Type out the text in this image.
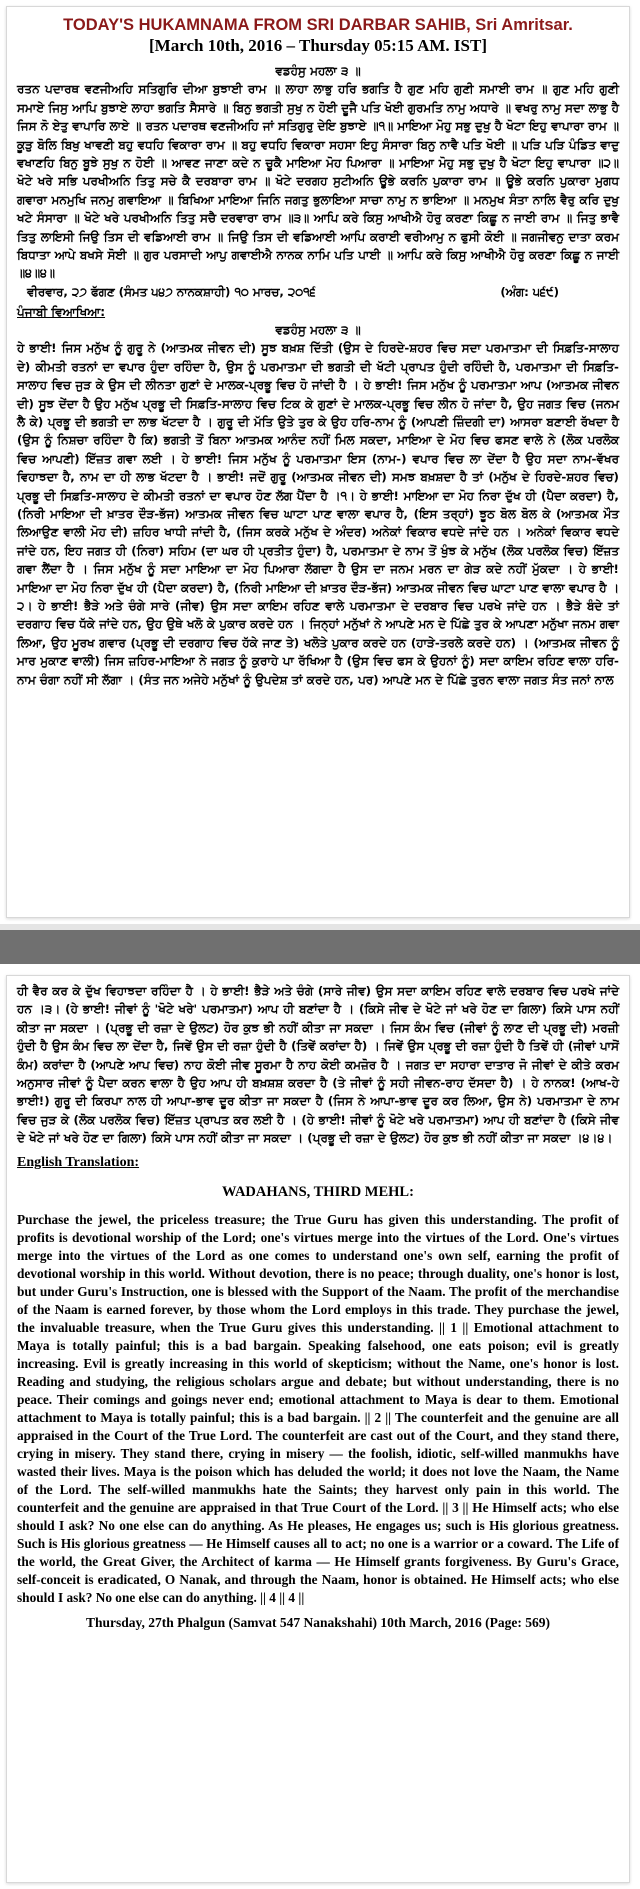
TODAY'S HUKAMNAMA FROM SRI DARBAR SAHIB, Sri Amritsar.
[March 10th, 2016 – Thursday 05:15 AM. IST]
ਵਡਹੰਸੁ ਮਹਲਾ ੩ ॥

ਰਤਨ ਪਦਾਰਥ ਵਣਜੀਅਹਿ ਸਤਿਗੁਰਿ ਦੀਆ ਬੁਝਾਈ ਰਾਮ ॥ ਲਾਹਾ ਲਾਭੁ ਹਰਿ ਭਗਤਿ ਹੈ ਗੁਣ ਮਹਿ ਗੁਣੀ ਸਮਾਈ ਰਾਮ ॥ ਗੁਣ ਮਹਿ ਗੁਣੀ ਸਮਾਏ ਜਿਸੁ ਆਪਿ ਬੁਝਾਏ ਲਾਹਾ ਭਗਤਿ ਸੈਸਾਰੇ ॥ ਬਿਨੁ ਭਗਤੀ ਸੁਖੁ ਨ ਹੋਈ ਦੂਜੈ ਪਤਿ ਖੋਈ ਗੁਰਮਤਿ ਨਾਮੁ ਅਧਾਰੇ ॥ ਵਖਰੁ ਨਾਮੁ ਸਦਾ ਲਾਭੁ ਹੈ ਜਿਸ ਨੋ ਏਤੁ ਵਾਪਾਰਿ ਲਾਏ ॥ ਰਤਨ ਪਦਾਰਥ ਵਣਜੀਅਹਿ ਜਾਂ ਸਤਿਗੁਰੁ ਦੇਇ ਬੁਝਾਏ ॥੧॥ ਮਾਇਆ ਮੋਹੁ ਸਭੁ ਦੁਖੁ ਹੈ ਖੋਟਾ ਇਹੁ ਵਾਪਾਰਾ ਰਾਮ ॥ ਕੂੜੁ ਬੋਲਿ ਬਿਖੁ ਖਾਵਣੀ ਬਹੁ ਵਧਹਿ ਵਿਕਾਰਾ ਰਾਮ ॥ ਬਹੁ ਵਧਹਿ ਵਿਕਾਰਾ ਸਹਸਾ ਇਹੁ ਸੰਸਾਰਾ ਬਿਨੁ ਨਾਵੈ ਪਤਿ ਖੋਈ ॥ ਪੜਿ ਪੜਿ ਪੰਡਿਤ ਵਾਦੁ ਵਖਾਣਹਿ ਬਿਨੁ ਬੂਝੇ ਸੁਖੁ ਨ ਹੋਈ ॥ ਆਵਣ ਜਾਣਾ ਕਦੇ ਨ ਚੂਕੈ ਮਾਇਆ ਮੋਹ ਪਿਆਰਾ ॥ ਮਾਇਆ ਮੋਹੁ ਸਭੁ ਦੁਖੁ ਹੈ ਖੋਟਾ ਇਹੁ ਵਾਪਾਰਾ ॥੨॥ ਖੋਟੇ ਖਰੇ ਸਭਿ ਪਰਖੀਅਨਿ ਤਿਤੁ ਸਚੇ ਕੈ ਦਰਬਾਰਾ ਰਾਮ ॥ ਖੋਟੇ ਦਰਗਹ ਸੁਟੀਅਨਿ ਊਭੇ ਕਰਨਿ ਪੁਕਾਰਾ ਰਾਮ ॥ ਊਭੇ ਕਰਨਿ ਪੁਕਾਰਾ ਮੁਗਧ ਗਵਾਰਾ ਮਨਮੁਖਿ ਜਨਮੁ ਗਵਾਇਆ ॥ ਬਿਖਿਆ ਮਾਇਆ ਜਿਨਿ ਜਗਤੁ ਭੁਲਾਇਆ ਸਾਚਾ ਨਾਮੁ ਨ ਭਾਇਆ ॥ ਮਨਮੁਖ ਸੰਤਾ ਨਾਲਿ ਵੈਰੁ ਕਰਿ ਦੁਖੁ ਖਟੇ ਸੰਸਾਰਾ ॥ ਖੋਟੇ ਖਰੇ ਪਰਖੀਅਨਿ ਤਿਤੁ ਸਚੈ ਦਰਵਾਰਾ ਰਾਮ ॥੩॥ ਆਪਿ ਕਰੇ ਕਿਸੁ ਆਖੀਐ ਹੋਰੁ ਕਰਣਾ ਕਿਛੂ ਨ ਜਾਈ ਰਾਮ ॥ ਜਿਤੁ ਭਾਵੈ ਤਿਤੁ ਲਾਇਸੀ ਜਿਉ ਤਿਸ ਦੀ ਵਡਿਆਈ ਰਾਮ ॥ ਜਿਉ ਤਿਸ ਦੀ ਵਡਿਆਈ ਆਪਿ ਕਰਾਈ ਵਰੀਆਮੁ ਨ ਫੁਸੀ ਕੋਈ ॥ ਜਗਜੀਵਨੁ ਦਾਤਾ ਕਰਮ ਬਿਧਾਤਾ ਆਪੇ ਬਖਸੇ ਸੋਈ ॥ ਗੁਰ ਪਰਸਾਦੀ ਆਪੁ ਗਵਾਈਐ ਨਾਨਕ ਨਾਮਿ ਪਤਿ ਪਾਈ ॥ ਆਪਿ ਕਰੇ ਕਿਸੁ ਆਖੀਐ ਹੋਰੁ ਕਰਣਾ ਕਿਛੂ ਨ ਜਾਈ ॥੪॥੪॥

ਵੀਰਵਾਰ, ੨੭ ਫੱਗਣ (ਸੰਮਤ ੫੪੭ ਨਾਨਕਸ਼ਾਹੀ) ੧੦ ਮਾਰਚ, ੨੦੧੬	(ਅੰਗ: ੫੬੯)
ਪੰਜਾਬੀ ਵਿਆਖਿਆ:
ਵਡਹੰਸੁ ਮਹਲਾ ੩ ॥

ਹੇ ਭਾਈ! ਜਿਸ ਮਨੁੱਖ ਨੂੰ ਗੁਰੂ ਨੇ (ਆਤਮਕ ਜੀਵਨ ਦੀ) ਸੂਝ ਬਖ਼ਸ਼ ਦਿੱਤੀ (ਉਸ ਦੇ ਹਿਰਦੇ-ਸ਼ਹਰ ਵਿਚ ਸਦਾ ਪਰਮਾਤਮਾ ਦੀ ਸਿਫ਼ਤਿ-ਸਾਲਾਹ ਦੇ) ਕੀਮਤੀ ਰਤਨਾਂ ਦਾ ਵਪਾਰ ਹੁੰਦਾ ਰਹਿੰਦਾ ਹੈ, ਉਸ ਨੂੰ ਪਰਮਾਤਮਾ ਦੀ ਭਗਤੀ ਦੀ ਖੱਟੀ ਪ੍ਰਾਪਤ ਹੁੰਦੀ ਰਹਿੰਦੀ ਹੈ, ਪਰਮਾਤਮਾ ਦੀ ਸਿਫ਼ਤਿ-ਸਾਲਾਹ ਵਿਚ ਜੁੜ ਕੇ ਉਸ ਦੀ ਲੀਨਤਾ ਗੁਣਾਂ ਦੇ ਮਾਲਕ-ਪ੍ਰਭੂ ਵਿਚ ਹੋ ਜਾਂਦੀ ਹੈ । ਹੇ ਭਾਈ! ਜਿਸ ਮਨੁੱਖ ਨੂੰ ਪਰਮਾਤਮਾ ਆਪ (ਆਤਮਕ ਜੀਵਨ ਦੀ) ਸੂਝ ਦੇਂਦਾ ਹੈ ਉਹ ਮਨੁੱਖ ਪ੍ਰਭੂ ਦੀ ਸਿਫ਼ਤਿ-ਸਾਲਾਹ ਵਿਚ ਟਿਕ ਕੇ ਗੁਣਾਂ ਦੇ ਮਾਲਕ-ਪ੍ਰਭੂ ਵਿਚ ਲੀਨ ਹੋ ਜਾਂਦਾ ਹੈ, ਉਹ ਜਗਤ ਵਿਚ (ਜਨਮ ਲੈ ਕੇ) ਪ੍ਰਭੂ ਦੀ ਭਗਤੀ ਦਾ ਲਾਭ ਖੱਟਦਾ ਹੈ । ਗੁਰੂ ਦੀ ਮੱਤਿ ਉਤੇ ਤੁਰ ਕੇ ਉਹ ਹਰਿ-ਨਾਮ ਨੂੰ (ਆਪਣੀ ਜ਼ਿੰਦਗੀ ਦਾ) ਆਸਰਾ ਬਣਾਈ ਰੱਖਦਾ ਹੈ (ਉਸ ਨੂੰ ਨਿਸ਼ਚਾ ਰਹਿੰਦਾ ਹੈ ਕਿ) ਭਗਤੀ ਤੋਂ ਬਿਨਾ ਆਤਮਕ ਆਨੰਦ ਨਹੀਂ ਮਿਲ ਸਕਦਾ, ਮਾਇਆ ਦੇ ਮੋਹ ਵਿਚ ਫਸਣ ਵਾਲੇ ਨੇ (ਲੋਕ ਪਰਲੋਕ ਵਿਚ ਆਪਣੀ) ਇੱਜ਼ਤ ਗਵਾ ਲਈ । ਹੇ ਭਾਈ! ਜਿਸ ਮਨੁੱਖ ਨੂੰ ਪਰਮਾਤਮਾ ਇਸ (ਨਾਮ-) ਵਪਾਰ ਵਿਚ ਲਾ ਦੇਂਦਾ ਹੈ ਉਹ ਸਦਾ ਨਾਮ-ਵੱਖਰ ਵਿਹਾਝਦਾ ਹੈ, ਨਾਮ ਦਾ ਹੀ ਲਾਭ ਖੱਟਦਾ ਹੈ । ਭਾਈ! ਜਦੋਂ ਗੁਰੂ (ਆਤਮਕ ਜੀਵਨ ਦੀ) ਸਮਝ ਬਖ਼ਸ਼ਦਾ ਹੈ ਤਾਂ (ਮਨੁੱਖ ਦੇ ਹਿਰਦੇ-ਸ਼ਹਰ ਵਿਚ) ਪ੍ਰਭੂ ਦੀ ਸਿਫ਼ਤਿ-ਸਾਲਾਹ ਦੇ ਕੀਮਤੀ ਰਤਨਾਂ ਦਾ ਵਪਾਰ ਹੋਣ ਲੱਗ ਪੈਂਦਾ ਹੈ ।੧। ਹੇ ਭਾਈ! ਮਾਇਆ ਦਾ ਮੋਹ ਨਿਰਾ ਦੁੱਖ ਹੀ (ਪੈਦਾ ਕਰਦਾ) ਹੈ, (ਨਿਰੀ ਮਾਇਆ ਦੀ ਖ਼ਾਤਰ ਦੌੜ-ਭੱਜ) ਆਤਮਕ ਜੀਵਨ ਵਿਚ ਘਾਟਾ ਪਾਣ ਵਾਲਾ ਵਪਾਰ ਹੈ, (ਇਸ ਤਰ੍ਹਾਂ) ਝੂਠ ਬੋਲ ਬੋਲ ਕੇ (ਆਤਮਕ ਮੌਤ ਲਿਆਉਣ ਵਾਲੀ ਮੋਹ ਦੀ) ਜ਼ਹਿਰ ਖਾਧੀ ਜਾਂਦੀ ਹੈ, (ਜਿਸ ਕਰਕੇ ਮਨੁੱਖ ਦੇ ਅੰਦਰ) ਅਨੇਕਾਂ ਵਿਕਾਰ ਵਧਦੇ ਜਾਂਦੇ ਹਨ । ਅਨੇਕਾਂ ਵਿਕਾਰ ਵਧਦੇ ਜਾਂਦੇ ਹਨ, ਇਹ ਜਗਤ ਹੀ (ਨਿਰਾ) ਸਹਿਮ (ਦਾ ਘਰ ਹੀ ਪ੍ਰਤੀਤ ਹੁੰਦਾ) ਹੈ, ਪਰਮਾਤਮਾ ਦੇ ਨਾਮ ਤੋਂ ਖੁੰਝ ਕੇ ਮਨੁੱਖ (ਲੋਕ ਪਰਲੋਕ ਵਿਚ) ਇੱਜ਼ਤ ਗਵਾ ਲੈਂਦਾ ਹੈ । ਜਿਸ ਮਨੁੱਖ ਨੂੰ ਸਦਾ ਮਾਇਆ ਦਾ ਮੋਹ ਪਿਆਰਾ ਲੱਗਦਾ ਹੈ ਉਸ ਦਾ ਜਨਮ ਮਰਨ ਦਾ ਗੇੜ ਕਦੇ ਨਹੀਂ ਮੁੱਕਦਾ । ਹੇ ਭਾਈ! ਮਾਇਆ ਦਾ ਮੋਹ ਨਿਰਾ ਦੁੱਖ ਹੀ (ਪੈਦਾ ਕਰਦਾ) ਹੈ, (ਨਿਰੀ ਮਾਇਆ ਦੀ ਖ਼ਾਤਰ ਦੌੜ-ਭੱਜ) ਆਤਮਕ ਜੀਵਨ ਵਿਚ ਘਾਟਾ ਪਾਣ ਵਾਲਾ ਵਪਾਰ ਹੈ ।੨। ਹੇ ਭਾਈ! ਭੈੜੇ ਅਤੇ ਚੰਗੇ ਸਾਰੇ (ਜੀਵ) ਉਸ ਸਦਾ ਕਾਇਮ ਰਹਿਣ ਵਾਲੇ ਪਰਮਾਤਮਾ ਦੇ ਦਰਬਾਰ ਵਿਚ ਪਰਖੇ ਜਾਂਦੇ ਹਨ । ਭੈੜੇ ਬੰਦੇ ਤਾਂ ਦਰਗਾਹ ਵਿਚ ਧੱਕੇ ਜਾਂਦੇ ਹਨ, ਉਹ ਉਥੇ ਖਲੋ ਕੇ ਪੁਕਾਰ ਕਰਦੇ ਹਨ । ਜਿਨ੍ਹਾਂ ਮਨੁੱਖਾਂ ਨੇ ਆਪਣੇ ਮਨ ਦੇ ਪਿੱਛੇ ਤੁਰ ਕੇ ਆਪਣਾ ਮਨੁੱਖਾ ਜਨਮ ਗਵਾ ਲਿਆ, ਉਹ ਮੂਰਖ ਗਵਾਰ (ਪ੍ਰਭੂ ਦੀ ਦਰਗਾਹ ਵਿਚ ਹੱਕੇ ਜਾਣ ਤੇ) ਖਲੋਤੇ ਪੁਕਾਰ ਕਰਦੇ ਹਨ (ਹਾੜੇ-ਤਰਲੇ ਕਰਦੇ ਹਨ) । (ਆਤਮਕ ਜੀਵਨ ਨੂੰ ਮਾਰ ਮੁਕਾਣ ਵਾਲੀ) ਜਿਸ ਜ਼ਹਿਰ-ਮਾਇਆ ਨੇ ਜਗਤ ਨੂੰ ਕੁਰਾਹੇ ਪਾ ਰੱਖਿਆ ਹੈ (ਉਸ ਵਿਚ ਫਸ ਕੇ ਉਹਨਾਂ ਨੂੰ) ਸਦਾ ਕਾਇਮ ਰਹਿਣ ਵਾਲਾ ਹਰਿ-ਨਾਮ ਚੰਗਾ ਨਹੀਂ ਸੀ ਲੱਗਾ । (ਸੰਤ ਜਨ ਅਜੇਹੇ ਮਨੁੱਖਾਂ ਨੂੰ ਉਪਦੇਸ਼ ਤਾਂ ਕਰਦੇ ਹਨ, ਪਰ) ਆਪਣੇ ਮਨ ਦੇ ਪਿੱਛੇ ਤੁਰਨ ਵਾਲਾ ਜਗਤ ਸੰਤ ਜਨਾਂ ਨਾਲ

ਹੀ ਵੈਰ ਕਰ ਕੇ ਦੁੱਖ ਵਿਹਾਝਦਾ ਰਹਿੰਦਾ ਹੈ । ਹੇ ਭਾਈ! ਭੈੜੇ ਅਤੇ ਚੰਗੇ (ਸਾਰੇ ਜੀਵ) ਉਸ ਸਦਾ ਕਾਇਮ ਰਹਿਣ ਵਾਲੇ ਦਰਬਾਰ ਵਿਚ ਪਰਖੇ ਜਾਂਦੇ ਹਨ ।੩। (ਹੇ ਭਾਈ! ਜੀਵਾਂ ਨੂੰ 'ਖੋਟੇ ਖਰੇ' ਪਰਮਾਤਮਾ) ਆਪ ਹੀ ਬਣਾਂਦਾ ਹੈ । (ਕਿਸੇ ਜੀਵ ਦੇ ਖੋਟੇ ਜਾਂ ਖਰੇ ਹੋਣ ਦਾ ਗਿਲਾ) ਕਿਸੇ ਪਾਸ ਨਹੀਂ ਕੀਤਾ ਜਾ ਸਕਦਾ । (ਪ੍ਰਭੂ ਦੀ ਰਜ਼ਾ ਦੇ ਉਲਟ) ਹੋਰ ਕੁਝ ਭੀ ਨਹੀਂ ਕੀਤਾ ਜਾ ਸਕਦਾ । ਜਿਸ ਕੰਮ ਵਿਚ (ਜੀਵਾਂ ਨੂੰ ਲਾਣ ਦੀ ਪ੍ਰਭੂ ਦੀ) ਮਰਜ਼ੀ ਹੁੰਦੀ ਹੈ ਉਸ ਕੰਮ ਵਿਚ ਲਾ ਦੇਂਦਾ ਹੈ, ਜਿਵੇਂ ਉਸ ਦੀ ਰਜ਼ਾ ਹੁੰਦੀ ਹੈ (ਤਿਵੇਂ ਕਰਾਂਦਾ ਹੈ) । ਜਿਵੇਂ ਉਸ ਪ੍ਰਭੂ ਦੀ ਰਜ਼ਾ ਹੁੰਦੀ ਹੈ ਤਿਵੇਂ ਹੀ (ਜੀਵਾਂ ਪਾਸੋਂ ਕੰਮ) ਕਰਾਂਦਾ ਹੈ (ਆਪਣੇ ਆਪ ਵਿਚ) ਨਾਹ ਕੋਈ ਜੀਵ ਸੂਰਮਾ ਹੈ ਨਾਹ ਕੋਈ ਕਮਜ਼ੋਰ ਹੈ । ਜਗਤ ਦਾ ਸਹਾਰਾ ਦਾਤਾਰ ਜੋ ਜੀਵਾਂ ਦੇ ਕੀਤੇ ਕਰਮ ਅਨੁਸਾਰ ਜੀਵਾਂ ਨੂੰ ਪੈਦਾ ਕਰਨ ਵਾਲਾ ਹੈ ਉਹ ਆਪ ਹੀ ਬਖ਼ਸ਼ਸ਼ ਕਰਦਾ ਹੈ (ਤੇ ਜੀਵਾਂ ਨੂੰ ਸਹੀ ਜੀਵਨ-ਰਾਹ ਦੱਸਦਾ ਹੈ) । ਹੇ ਨਾਨਕ! (ਆਖ-ਹੇ ਭਾਈ!) ਗੁਰੂ ਦੀ ਕਿਰਪਾ ਨਾਲ ਹੀ ਆਪਾ-ਭਾਵ ਦੂਰ ਕੀਤਾ ਜਾ ਸਕਦਾ ਹੈ (ਜਿਸ ਨੇ ਆਪਾ-ਭਾਵ ਦੂਰ ਕਰ ਲਿਆ, ਉਸ ਨੇ) ਪਰਮਾਤਮਾ ਦੇ ਨਾਮ ਵਿਚ ਜੁੜ ਕੇ (ਲੋਕ ਪਰਲੋਕ ਵਿਚ) ਇੱਜ਼ਤ ਪ੍ਰਾਪਤ ਕਰ ਲਈ ਹੈ । (ਹੇ ਭਾਈ! ਜੀਵਾਂ ਨੂੰ ਖੋਟੇ ਖਰੇ ਪਰਮਾਤਮਾ) ਆਪ ਹੀ ਬਣਾਂਦਾ ਹੈ (ਕਿਸੇ ਜੀਵ ਦੇ ਖੋਟੇ ਜਾਂ ਖਰੇ ਹੋਣ ਦਾ ਗਿਲਾ) ਕਿਸੇ ਪਾਸ ਨਹੀਂ ਕੀਤਾ ਜਾ ਸਕਦਾ । (ਪ੍ਰਭੂ ਦੀ ਰਜ਼ਾ ਦੇ ਉਲਟ) ਹੋਰ ਕੁਝ ਭੀ ਨਹੀਂ ਕੀਤਾ ਜਾ ਸਕਦਾ ।੪।੪।

English Translation:
WADAHANS, THIRD MEHL:

Purchase the jewel, the priceless treasure; the True Guru has given this understanding. The profit of profits is devotional worship of the Lord; one's virtues merge into the virtues of the Lord. One's virtues merge into the virtues of the Lord as one comes to understand one's own self, earning the profit of devotional worship in this world. Without devotion, there is no peace; through duality, one's honor is lost, but under Guru's Instruction, one is blessed with the Support of the Naam. The profit of the merchandise of the Naam is earned forever, by those whom the Lord employs in this trade. They purchase the jewel, the invaluable treasure, when the True Guru gives this understanding. || 1 || Emotional attachment to Maya is totally painful; this is a bad bargain. Speaking falsehood, one eats poison; evil is greatly increasing. Evil is greatly increasing in this world of skepticism; without the Name, one's honor is lost. Reading and studying, the religious scholars argue and debate; but without understanding, there is no peace. Their comings and goings never end; emotional attachment to Maya is dear to them. Emotional attachment to Maya is totally painful; this is a bad bargain. || 2 || The counterfeit and the genuine are all appraised in the Court of the True Lord. The counterfeit are cast out of the Court, and they stand there, crying in misery. They stand there, crying in misery — the foolish, idiotic, self-willed manmukhs have wasted their lives. Maya is the poison which has deluded the world; it does not love the Naam, the Name of the Lord. The self-willed manmukhs hate the Saints; they harvest only pain in this world. The counterfeit and the genuine are appraised in that True Court of the Lord. || 3 || He Himself acts; who else should I ask? No one else can do anything. As He pleases, He engages us; such is His glorious greatness. Such is His glorious greatness — He Himself causes all to act; no one is a warrior or a coward. The Life of the world, the Great Giver, the Architect of karma — He Himself grants forgiveness. By Guru's Grace, self-conceit is eradicated, O Nanak, and through the Naam, honor is obtained. He Himself acts; who else should I ask? No one else can do anything. || 4 || 4 ||

Thursday, 27th Phalgun (Samvat 547 Nanakshahi) 10th March, 2016 (Page: 569)
